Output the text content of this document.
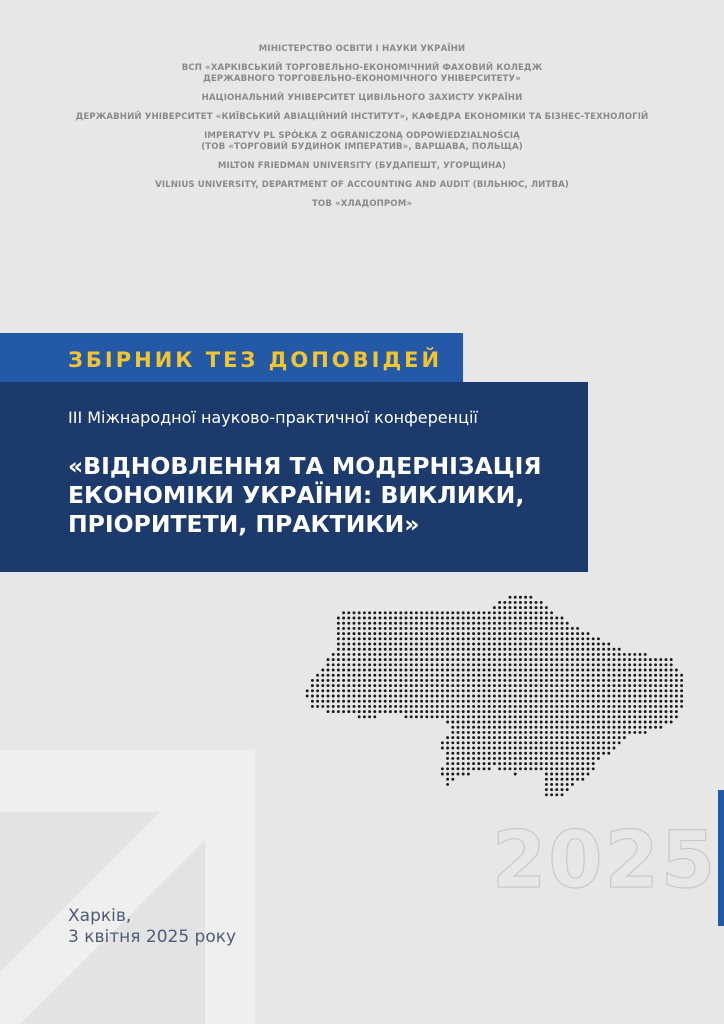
МІНІСТЕРСТВО ОСВІТИ І НАУКИ УКРАЇНИ
ВСП «ХАРКІВСЬКИЙ ТОРГОВЕЛЬНО-ЕКОНОМІЧНИЙ ФАХОВИЙ КОЛЕДЖ
ДЕРЖАВНОГО ТОРГОВЕЛЬНО-ЕКОНОМІЧНОГО УНІВЕРСИТЕТУ»
НАЦІОНАЛЬНИЙ УНІВЕРСИТЕТ ЦИВІЛЬНОГО ЗАХИСТУ УКРАЇНИ
ДЕРЖАВНИЙ УНІВЕРСИТЕТ «КИЇВСЬКИЙ АВІАЦІЙНИЙ ІНСТИТУТ», КАФЕДРА ЕКОНОМІКИ ТА БІЗНЕС-ТЕХНОЛОГІЙ
IMPERATYV PL SPÓŁKA Z OGRANICZONĄ ODPOWIEDZIALNOŚCIĄ
(ТОВ «ТОРГОВИЙ БУДИНОК ІМПЕРАТИВ», ВАРШАВА, ПОЛЬЩА)
MILTON FRIEDMAN UNIVERSITY (БУДАПЕШТ, УГОРЩИНА)
VILNIUS UNIVERSITY, DEPARTMENT OF ACCOUNTING AND AUDIT (ВІЛЬНЮС, ЛИТВА)
ТОВ «ХЛАДОПРОМ»
ЗБІРНИК ТЕЗ ДОПОВІДЕЙ
ІІІ Міжнародної науково-практичної конференції
«ВІДНОВЛЕННЯ ТА МОДЕРНІЗАЦІЯ
ЕКОНОМІКИ УКРАЇНИ: ВИКЛИКИ,
ПРІОРИТЕТИ, ПРАКТИКИ»
2025
Харків,
3 квітня 2025 року
